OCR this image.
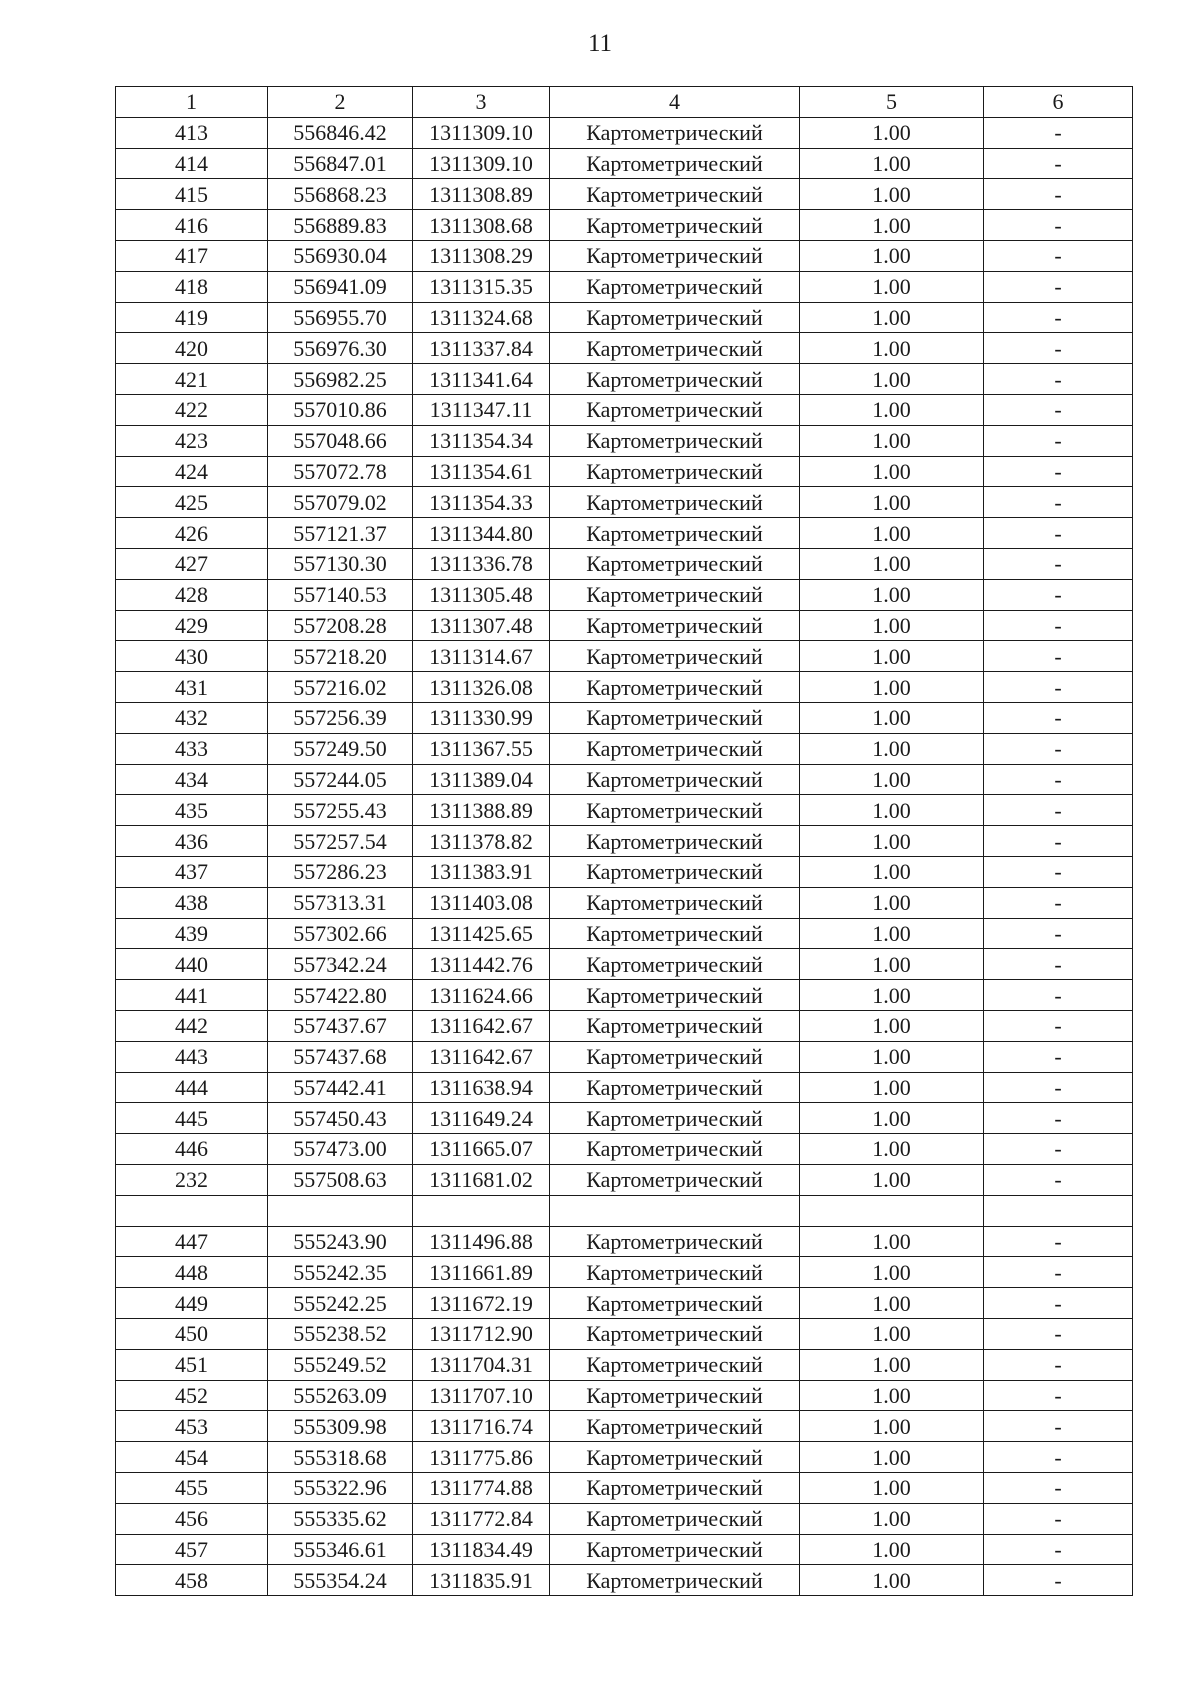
11
1	2	3	4	5	6
413	556846.42	1311309.10	Картометрический	1.00	-
414	556847.01	1311309.10	Картометрический	1.00	-
415	556868.23	1311308.89	Картометрический	1.00	-
416	556889.83	1311308.68	Картометрический	1.00	-
417	556930.04	1311308.29	Картометрический	1.00	-
418	556941.09	1311315.35	Картометрический	1.00	-
419	556955.70	1311324.68	Картометрический	1.00	-
420	556976.30	1311337.84	Картометрический	1.00	-
421	556982.25	1311341.64	Картометрический	1.00	-
422	557010.86	1311347.11	Картометрический	1.00	-
423	557048.66	1311354.34	Картометрический	1.00	-
424	557072.78	1311354.61	Картометрический	1.00	-
425	557079.02	1311354.33	Картометрический	1.00	-
426	557121.37	1311344.80	Картометрический	1.00	-
427	557130.30	1311336.78	Картометрический	1.00	-
428	557140.53	1311305.48	Картометрический	1.00	-
429	557208.28	1311307.48	Картометрический	1.00	-
430	557218.20	1311314.67	Картометрический	1.00	-
431	557216.02	1311326.08	Картометрический	1.00	-
432	557256.39	1311330.99	Картометрический	1.00	-
433	557249.50	1311367.55	Картометрический	1.00	-
434	557244.05	1311389.04	Картометрический	1.00	-
435	557255.43	1311388.89	Картометрический	1.00	-
436	557257.54	1311378.82	Картометрический	1.00	-
437	557286.23	1311383.91	Картометрический	1.00	-
438	557313.31	1311403.08	Картометрический	1.00	-
439	557302.66	1311425.65	Картометрический	1.00	-
440	557342.24	1311442.76	Картометрический	1.00	-
441	557422.80	1311624.66	Картометрический	1.00	-
442	557437.67	1311642.67	Картометрический	1.00	-
443	557437.68	1311642.67	Картометрический	1.00	-
444	557442.41	1311638.94	Картометрический	1.00	-
445	557450.43	1311649.24	Картометрический	1.00	-
446	557473.00	1311665.07	Картометрический	1.00	-
232	557508.63	1311681.02	Картометрический	1.00	-

447	555243.90	1311496.88	Картометрический	1.00	-
448	555242.35	1311661.89	Картометрический	1.00	-
449	555242.25	1311672.19	Картометрический	1.00	-
450	555238.52	1311712.90	Картометрический	1.00	-
451	555249.52	1311704.31	Картометрический	1.00	-
452	555263.09	1311707.10	Картометрический	1.00	-
453	555309.98	1311716.74	Картометрический	1.00	-
454	555318.68	1311775.86	Картометрический	1.00	-
455	555322.96	1311774.88	Картометрический	1.00	-
456	555335.62	1311772.84	Картометрический	1.00	-
457	555346.61	1311834.49	Картометрический	1.00	-
458	555354.24	1311835.91	Картометрический	1.00	-
